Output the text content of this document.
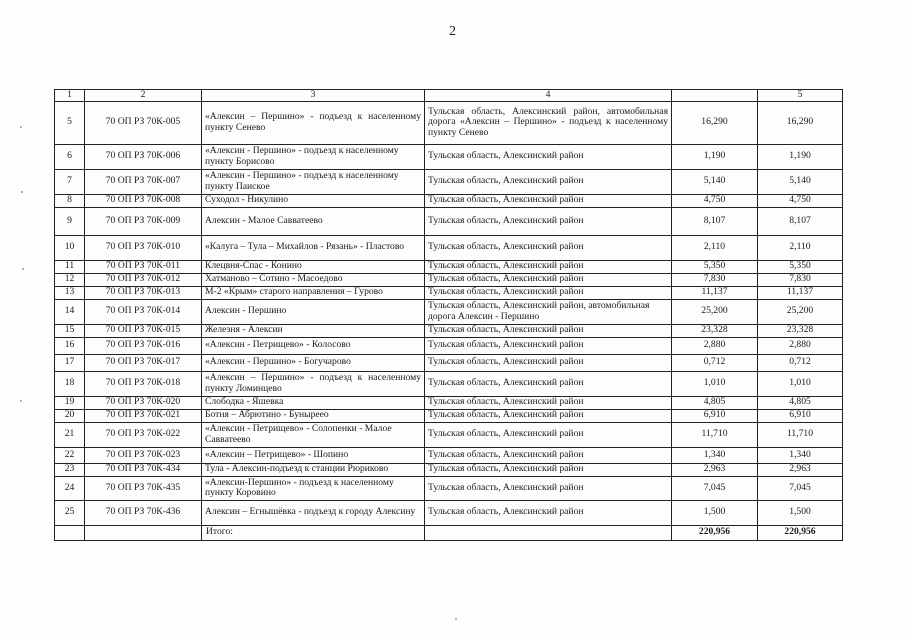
2
1	2	3	4		5
5	70 ОП РЗ 70К-005	«Алексин – Першино» - подъезд к населенному пункту Сенево	Тульская область, Алексинский район, автомобильная дорога «Алексин – Першино» - подъезд к населенному пункту Сенево	16,290	16,290
6	70 ОП РЗ 70К-006	«Алексин - Першино» - подъезд к населенному пункту Борисово	Тульская область, Алексинский район	1,190	1,190
7	70 ОП РЗ 70К-007	«Алексин - Першино» - подъезд к населенному пункту Паиское	Тульская область, Алексинский район	5,140	5,140
8	70 ОП РЗ 70К-008	Суходол - Никулино	Тульская область, Алексинский район	4,750	4,750
9	70 ОП РЗ 70К-009	Алексин - Малое Савватеево	Тульская область, Алексинский район	8,107	8,107
10	70 ОП РЗ 70К-010	«Калуга – Тула – Михайлов - Рязань» - Пластово	Тульская область, Алексинский район	2,110	2,110
11	70 ОП РЗ 70К-011	Клецвня-Спас - Конино	Тульская область, Алексинский район	5,350	5,350
12	70 ОП РЗ 70К-012	Хатманово – Сотино - Масоедово	Тульская область, Алексинский район	7,830	7,830
13	70 ОП РЗ 70К-013	М-2 «Крым» старого направления – Гурово	Тульская область, Алексинский район	11,137	11,137
14	70 ОП РЗ 70К-014	Алексин - Першино	Тульская область, Алексинский район, автомобильная дорога Алексин - Першино	25,200	25,200
15	70 ОП РЗ 70К-015	Железня - Алексин	Тульская область, Алексинский район	23,328	23,328
16	70 ОП РЗ 70К-016	«Алексин - Петрищево» - Колосово	Тульская область, Алексинский район	2,880	2,880
17	70 ОП РЗ 70К-017	«Алексин - Першино» - Богучарово	Тульская область, Алексинский район	0,712	0,712
18	70 ОП РЗ 70К-018	«Алексин – Першино» - подъезд к населенному пункту Ломинцево	Тульская область, Алексинский район	1,010	1,010
19	70 ОП РЗ 70К-020	Слободка - Яшевка	Тульская область, Алексинский район	4,805	4,805
20	70 ОП РЗ 70К-021	Ботня – Абрютино - Буныреео	Тульская область, Алексинский район	6,910	6,910
21	70 ОП РЗ 70К-022	«Алексин - Петрищево» - Солопенки - Малое Савватеево	Тульская область, Алексинский район	11,710	11,710
22	70 ОП РЗ 70К-023	«Алексин – Петрищево» - Шопино	Тульская область, Алексинский район	1,340	1,340
23	70 ОП РЗ 70К-434	Тула - Алексин-подъезд к станции Рюриково	Тульская область, Алексинский район	2,963	2,963
24	70 ОП РЗ 70К-435	«Алексин-Першино» - подъезд к населенному пункту Коровино	Тульская область, Алексинский район	7,045	7,045
25	70 ОП РЗ 70К-436	Алексин – Егнышёвка - подъезд к городу Алексину	Тульская область, Алексинский район	1,500	1,500
		Итого:		220,956	220,956
